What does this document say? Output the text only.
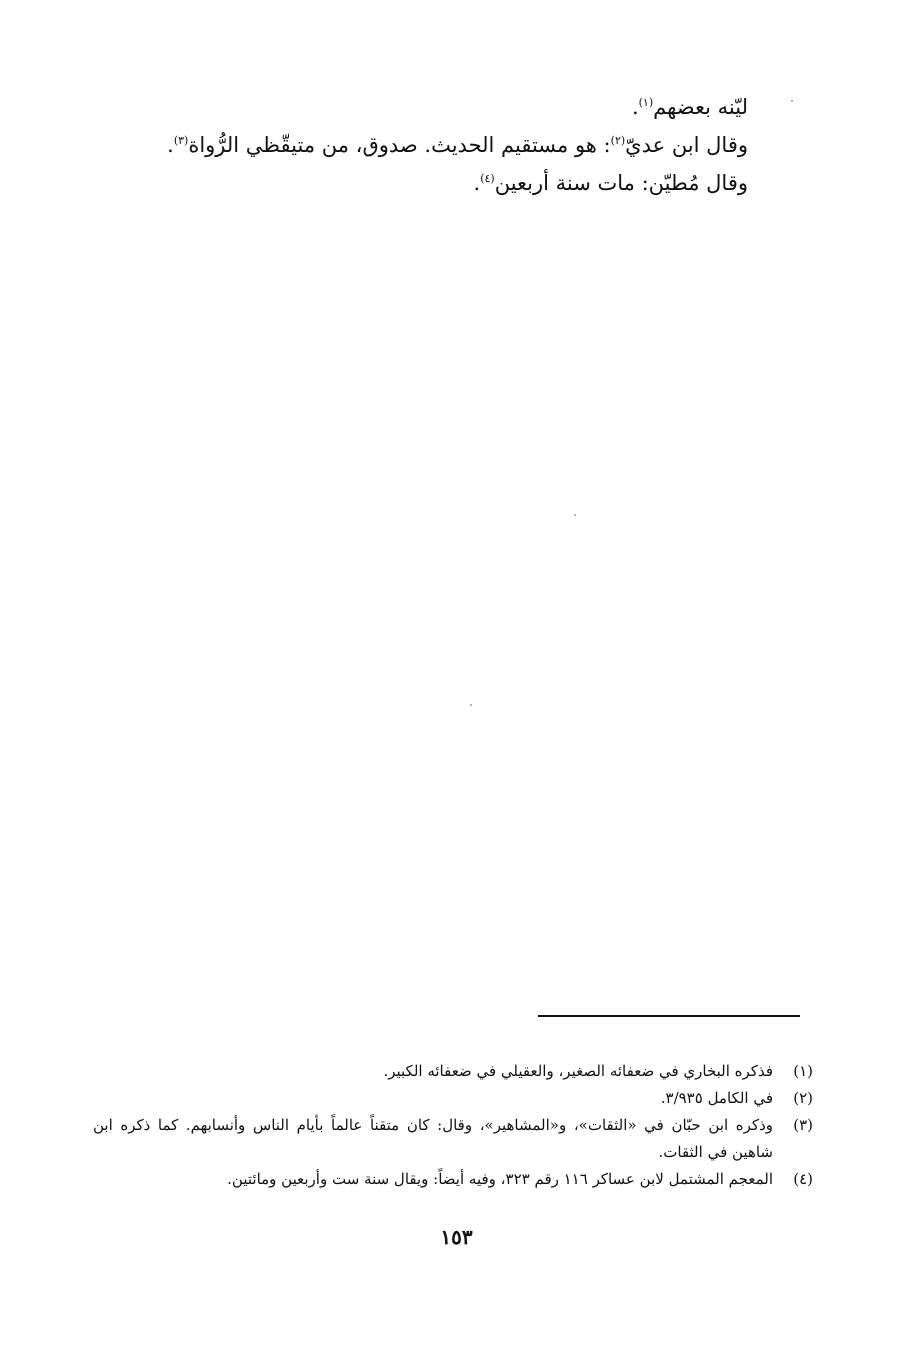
ليّنه بعضهم$^{(١)}$.

وقال ابن عديّ$^{(٢)}$: هو مستقيم الحديث. صدوق، من متيقّظي الرُّواة$^{(٣)}$.

وقال مُطيّن: مات سنة أربعين$^{(٤)}$.

(١)
فذكره البخاري في ضعفائه الصغير، والعقيلي في ضعفائه الكبير.
(٢)
في الكامل ٣/٩٣٥.
(٣)
وذكره ابن حبّان في «الثقات»، و«المشاهير»، وقال: كان متقناً عالماً بأيام الناس وأنسابهم. كما ذكره ابن شاهين في الثقات.
(٤)
المعجم المشتمل لابن عساكر ١١٦ رقم ٣٢٣، وفيه أيضاً: ويقال سنة ست وأربعين ومائتين.
١٥٣
